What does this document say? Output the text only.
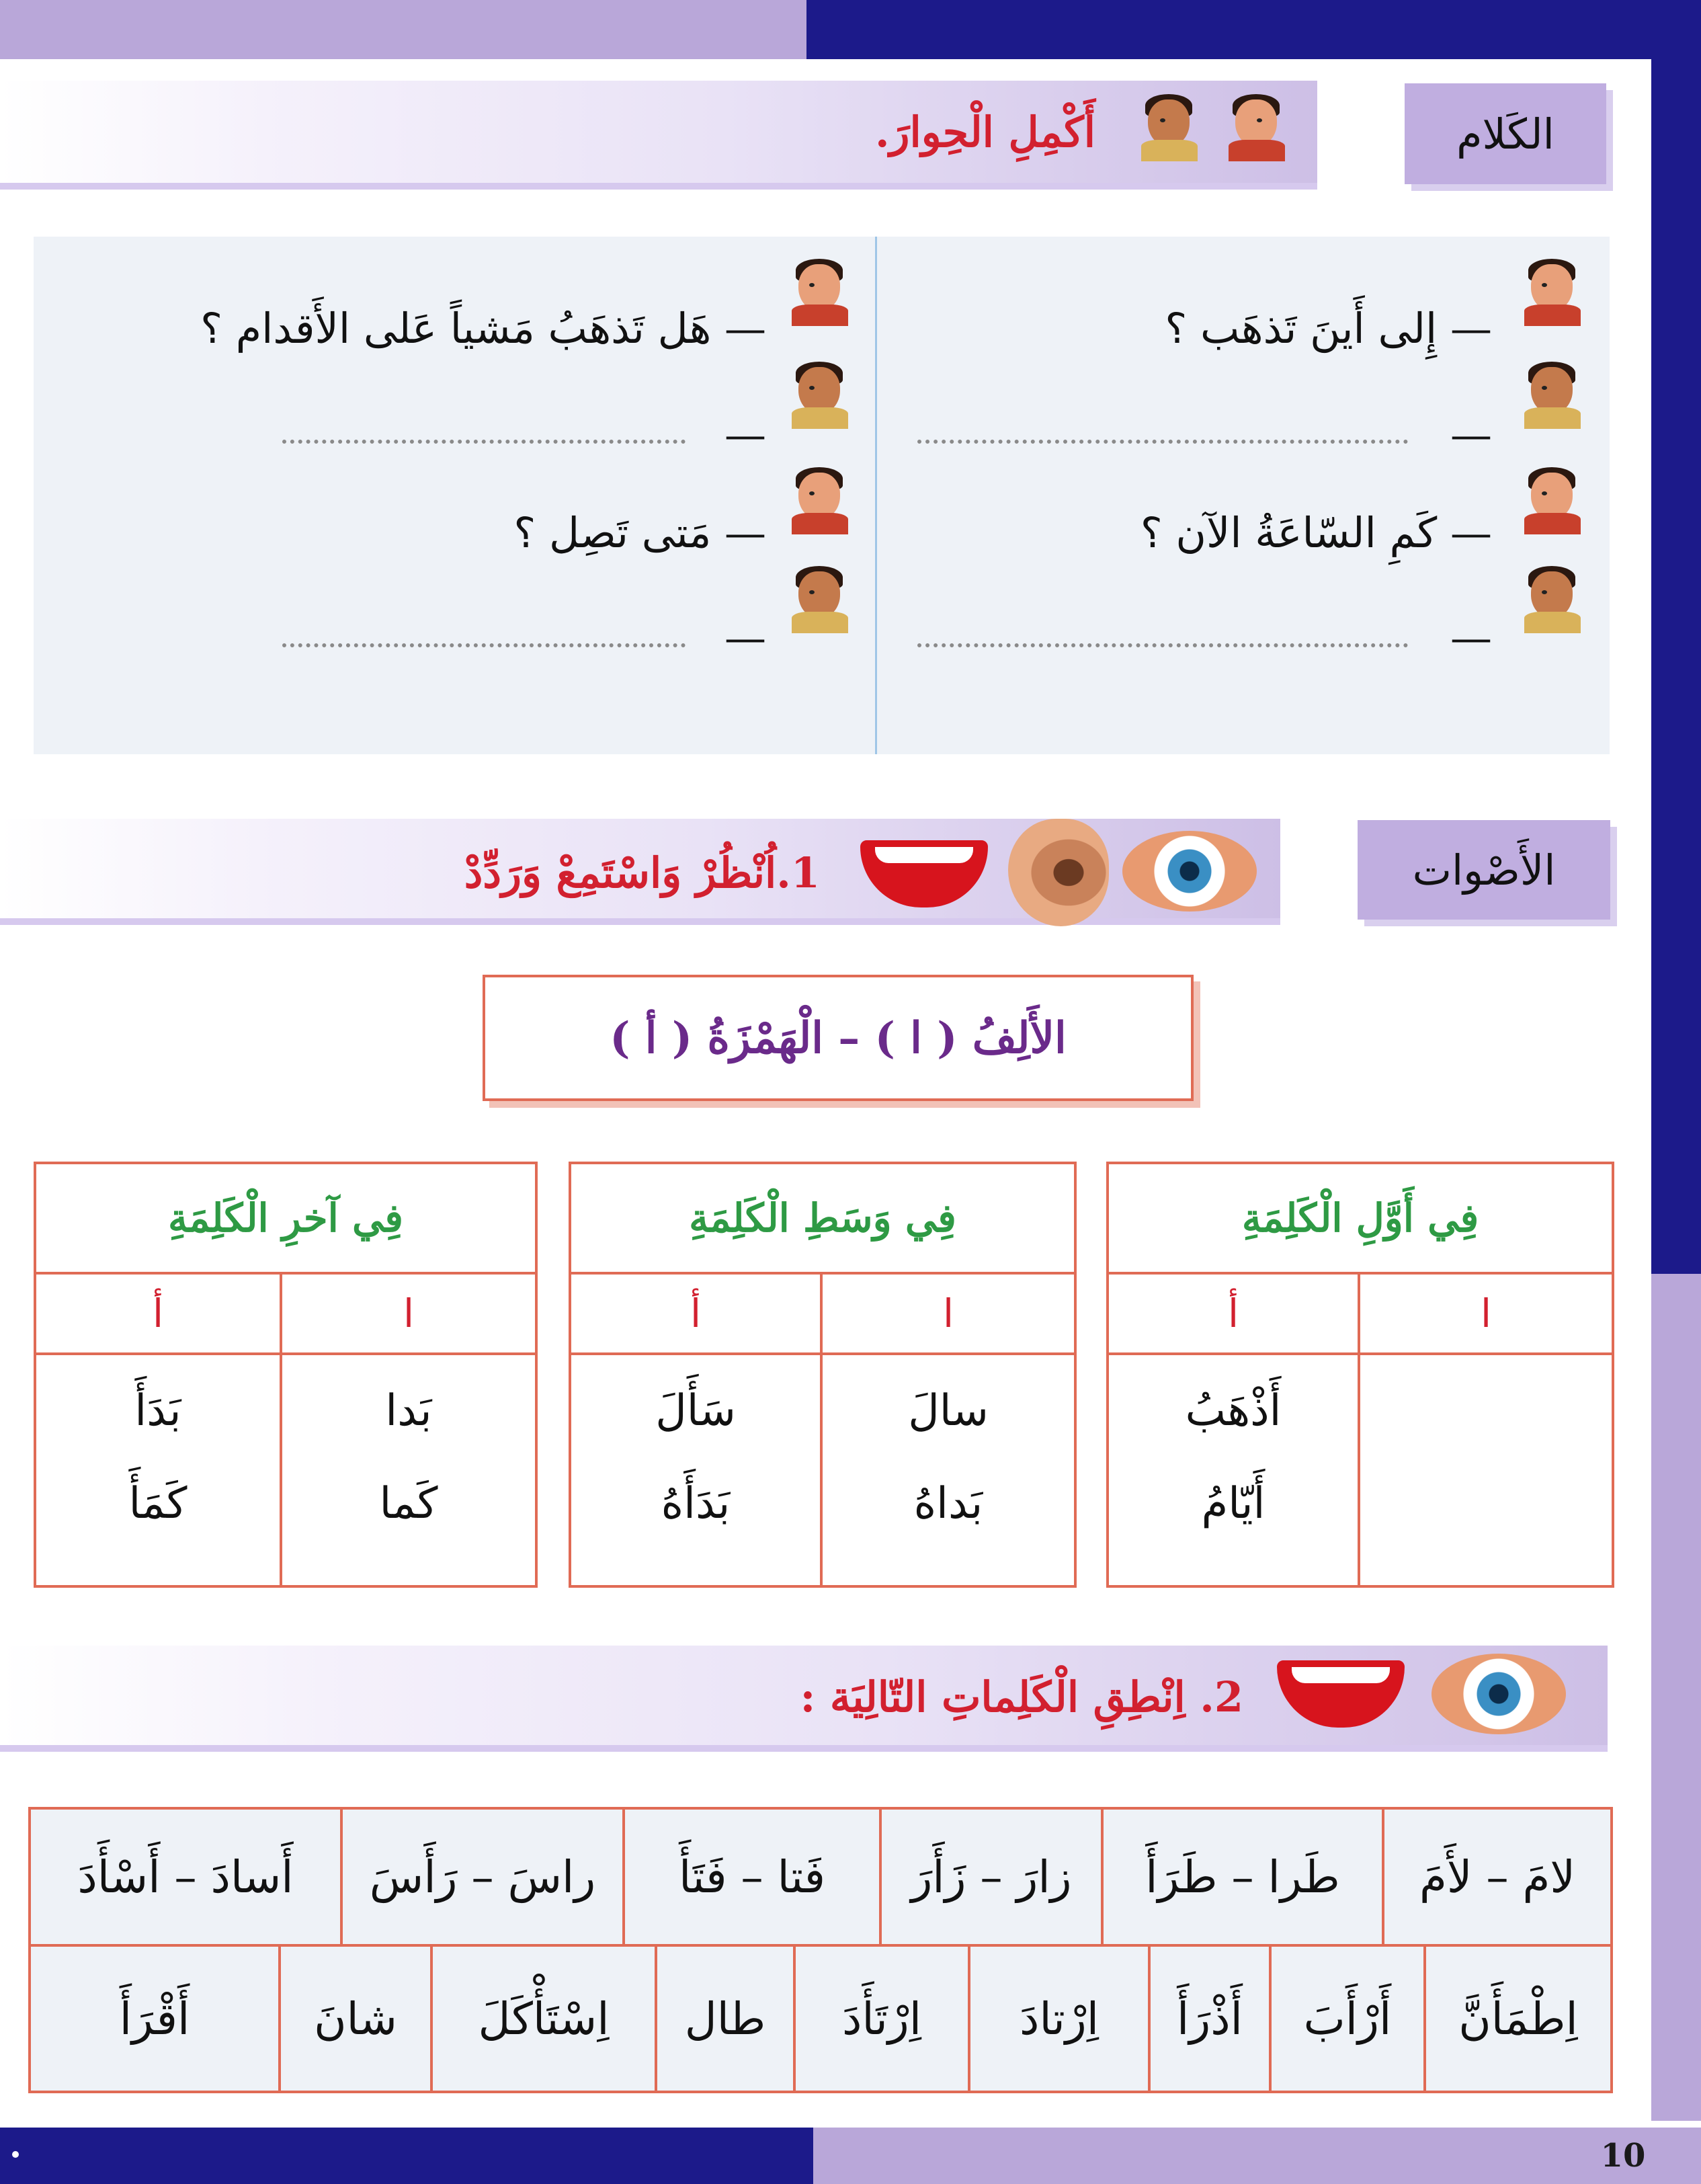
10
أَكْمِلِ الْحِوارَ.	الكَلام
— إِلى أَينَ تَذهَب ؟
—
— كَمِ السّاعَةُ الآن ؟
—
— هَل تَذهَبُ مَشياً عَلى الأَقدام ؟
—
— مَتى تَصِل ؟
—
1.اُنْظُرْ وَاسْتَمِعْ وَرَدِّدْ	الأَصْوات
الأَلِفُ ( ا ) – الْهَمْزَةُ ( أ )
فِي أَوَّلِ الْكَلِمَةِ
ا
أ
أَذْهَبُ
أَيّامُ
فِي وَسَطِ الْكَلِمَةِ
ا
أ
سالَ
بَداهُ
سَأَلَ
بَدَأَهُ
فِي آخرِ الْكَلِمَةِ
ا
أ
بَدا
كَما
بَدَأَ
كَمَأَ
2. اِنْطِقِ الْكَلِماتِ التّالِيَة :
لامَ – لأَمَ
طَرا – طَرَأَ
زارَ – زَأَرَ
فَتا – فَتَأَ
راسَ – رَأَسَ
أَسادَ – أَسْأَدَ
اِطْمَأَنَّ
أَرْأَبَ
أَذْرَأَ
اِرْتادَ
اِرْتَأَدَ
طال
اِسْتَأْكَلَ
شانَ
أَقْرَأَ
